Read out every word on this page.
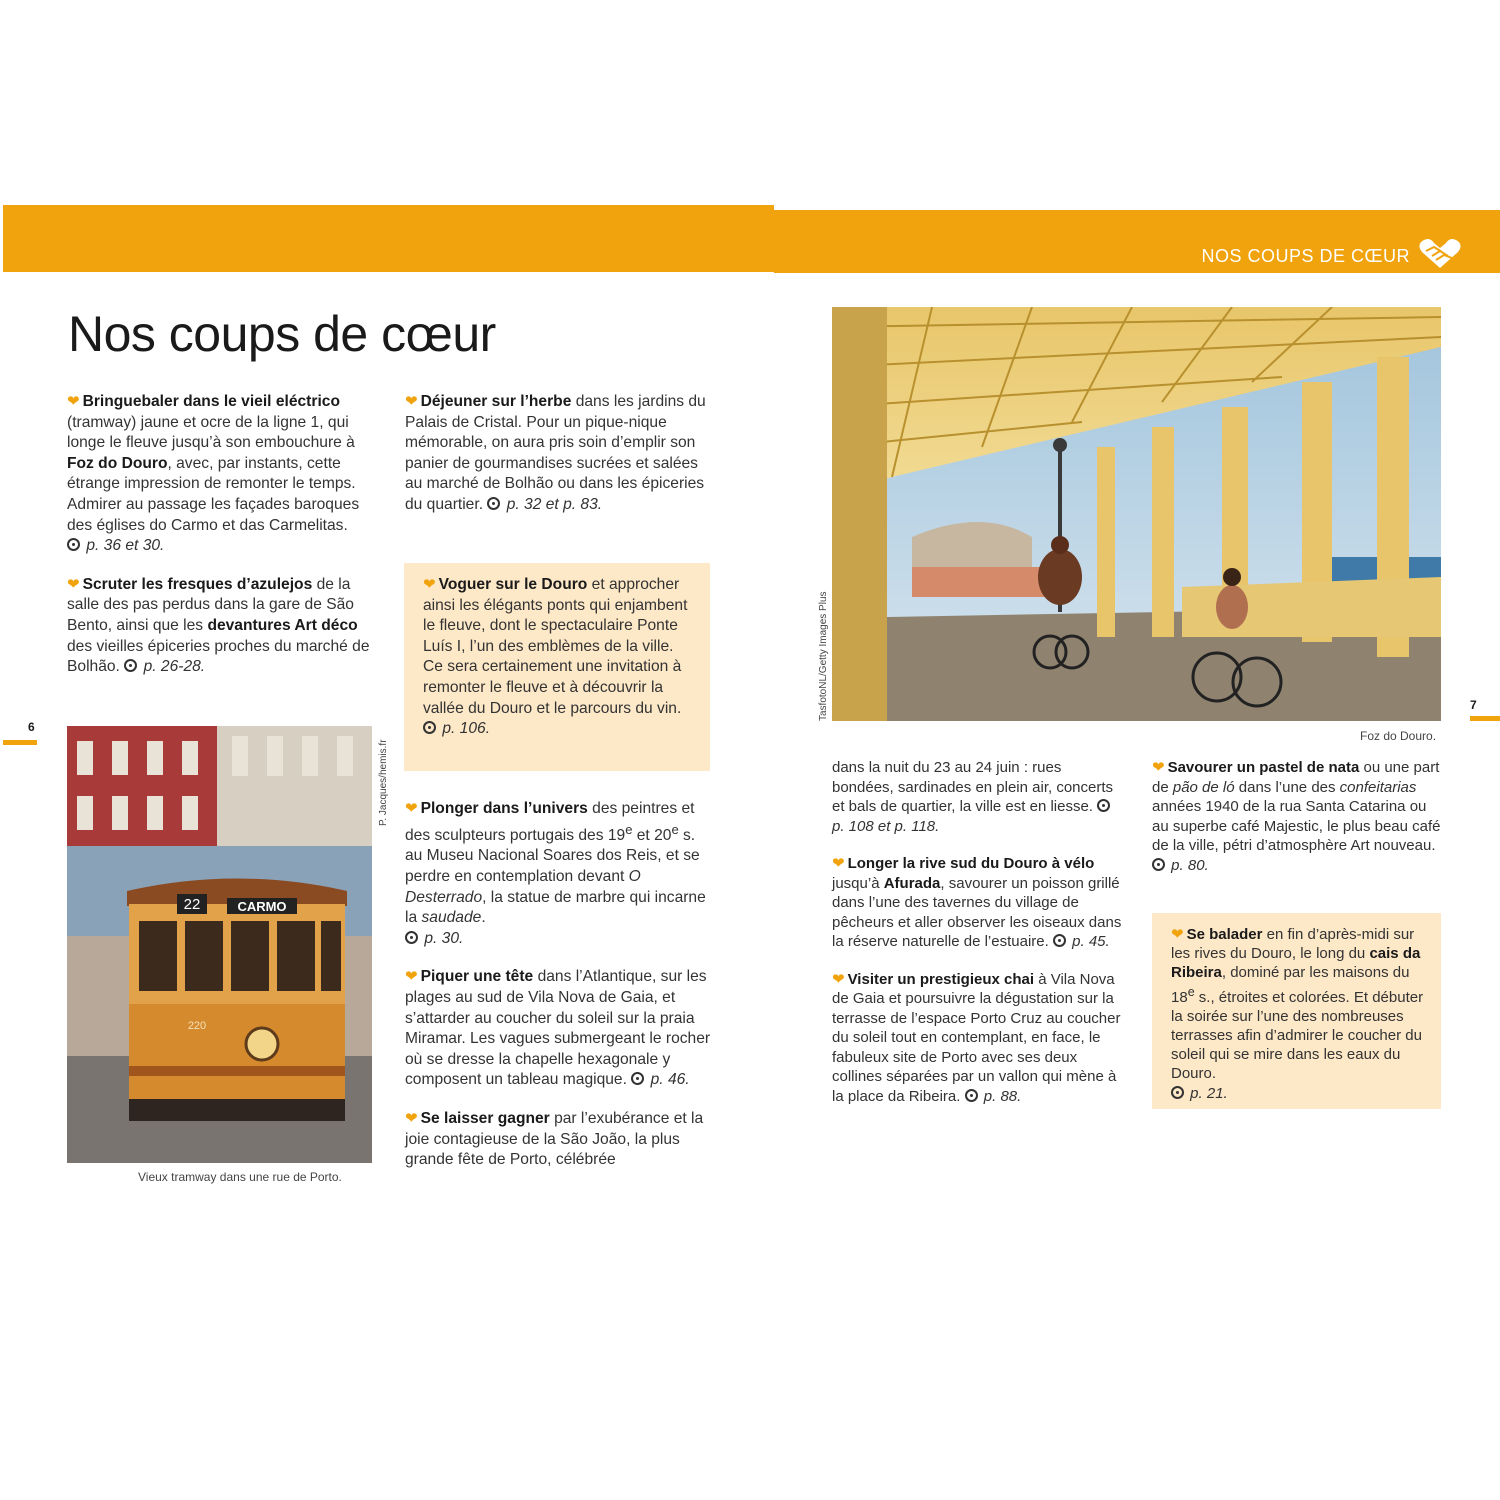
NOS COUPS DE CŒUR
Nos coups de cœur

❤ Bringuebaler dans le vieil eléctrico (tramway) jaune et ocre de la ligne 1, qui longe le fleuve jusqu’à son embouchure à Foz do Douro, avec, par instants, cette étrange impression de remonter le temps. Admirer au passage les façades baroques des églises do Carmo et das Carmelitas.
p. 36 et 30.

❤ Scruter les fresques d’azulejos de la salle des pas perdus dans la gare de São Bento, ainsi que les devantures Art déco des vieilles épiceries proches du marché de Bolhão. p. 26-28.

6
22	CARMO
220
P. Jacques/hemis.fr
Vieux tramway dans une rue de Porto.

❤ Déjeuner sur l’herbe dans les jardins du Palais de Cristal. Pour un pique-nique mémorable, on aura pris soin d’emplir son panier de gourmandises sucrées et salées au marché de Bolhão ou dans les épiceries du quartier. p. 32 et p. 83.

❤ Voguer sur le Douro et approcher ainsi les élégants ponts qui enjambent le fleuve, dont le spectaculaire Ponte Luís I, l’un des emblèmes de la ville. Ce sera certainement une invitation à remonter le fleuve et à découvrir la vallée du Douro et le parcours du vin.  p. 106.

❤ Plonger dans l’univers des peintres et des sculpteurs portugais des 19e et 20e s. au Museu Nacional Soares dos Reis, et se perdre en contemplation devant O Desterrado, la statue de marbre qui incarne la saudade.
p. 30.

❤ Piquer une tête dans l’Atlantique, sur les plages au sud de Vila Nova de Gaia, et s’attarder au coucher du soleil sur la praia Miramar. Les vagues submergeant le rocher où se dresse la chapelle hexagonale y composent un tableau magique. p. 46.

❤ Se laisser gagner par l’exubérance et la joie contagieuse de la São João, la plus grande fête de Porto, célébrée

TasfotoNL/Getty Images Plus
Foz do Douro.
7

dans la nuit du 23 au 24 juin : rues bondées, sardinades en plein air, concerts et bals de quartier, la ville est en liesse.  p. 108 et p. 118.

❤ Longer la rive sud du Douro à vélo jusqu’à Afurada, savourer un poisson grillé dans l’une des tavernes du village de pêcheurs et aller observer les oiseaux dans la réserve naturelle de l’estuaire. p. 45.

❤ Visiter un prestigieux chai à Vila Nova de Gaia et poursuivre la dégustation sur la terrasse de l’espace Porto Cruz au coucher du soleil tout en contemplant, en face, le fabuleux site de Porto avec ses deux collines séparées par un vallon qui mène à la place da Ribeira. p. 88.

❤ Savourer un pastel de nata ou une part de pão de ló dans l’une des confeitarias années 1940 de la rua Santa Catarina ou au superbe café Majestic, le plus beau café de la ville, pétri d’atmosphère Art nouveau.  p. 80.

❤ Se balader en fin d’après-midi sur les rives du Douro, le long du cais da Ribeira, dominé par les maisons du 18e s., étroites et colorées. Et débuter la soirée sur l’une des nombreuses terrasses afin d’admirer le coucher du soleil qui se mire dans les eaux du Douro.
p. 21.
